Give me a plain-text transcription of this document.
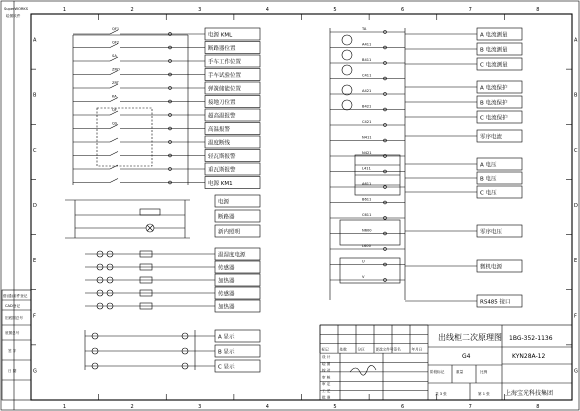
1
1
2
2
3
3
4
4
5
5
6
6
7
7
8
8
A	A
B	B
C	C
D	D
E	E
F	F
G	G
SuperWORKS
绘图软件
借(通)用件登记
CAD登记
旧底图总号
底图总号
签 字
日 期
QF1
QF2
SA
ZRO
ZRT
KA
QF
QS
电源 KML
断路器位置
手车工作位置
手车试验位置
弹簧储能位置
接地刀位置
超高温报警
高温报警
温度断线
轻瓦斯报警
重瓦斯报警
电源 KM1
电源
断路器
新内照明
温湿度电源
传感器
加热器
传感器
加热器
A 显示
B 显示
C 显示
TA
A411
B411
C411
A421
B421
C421
N411
N421
L411
A611
B611
C611
N600
L600
U
V
A 电流测量
B 电流测量
C 电流测量
A 电流保护
B 电流保护
C 电流保护
零序电流
A 电压
B 电压
C 电压
零序电压
微机电源
RS485 接口
标记	处数	分区	更改文件号 签名	年月日
设 计
绘 图
校 对
审 核
审 定
工 艺
批 准
出线柜二次原理图
G4
1BG-352-1136
KYN28A-12
上海宝光科技集团
阶段标记	重量	比例
共 3 张	第 1 张
